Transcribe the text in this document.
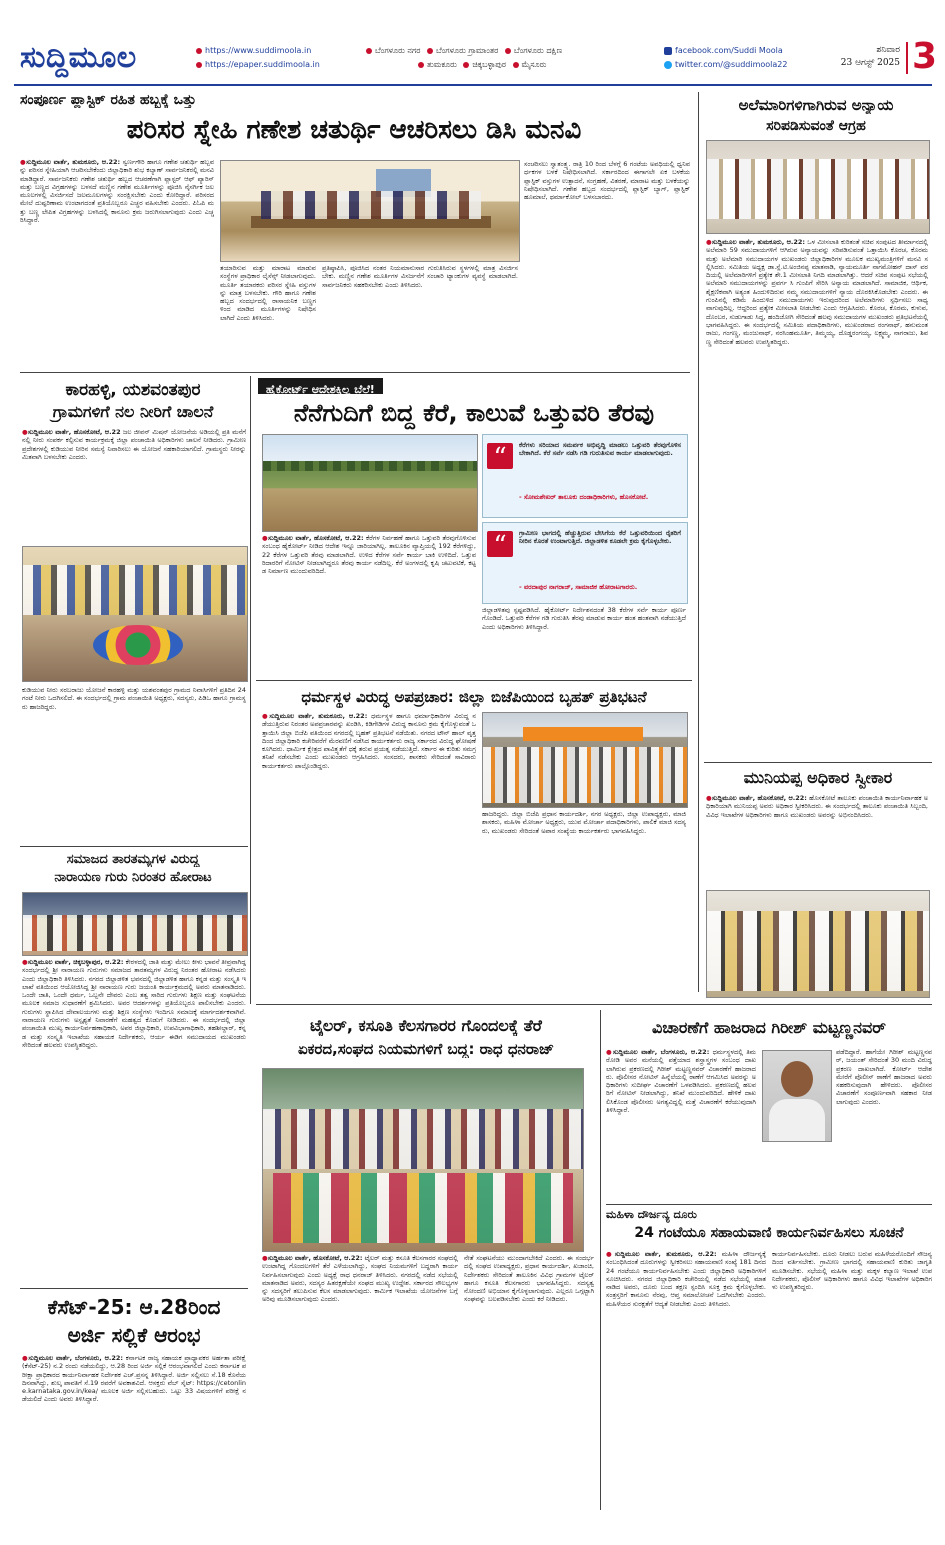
ಸುದ್ದಿಮೂಲ	https://www.suddimoola.in
https://epaper.suddimoola.in
ಬೆಂಗಳೂರು ನಗರ ಬೆಂಗಳೂರು ಗ್ರಾಮಾಂತರ ಬೆಂಗಳೂರು ದಕ್ಷಿಣ
ತುಮಕೂರು ಚಿಕ್ಕಬಳ್ಳಾಪುರ ಮೈಸೂರು
facebook.com/Suddi Moola
twitter.com/@suddimoola22
ಶನಿವಾರ
23 ಆಗಸ್ಟ್ 2025 3
ಸಂಪೂರ್ಣ ಪ್ಲಾಸ್ಟಿಕ್ ರಹಿತ ಹಬ್ಬಕ್ಕೆ ಒತ್ತು
ಪರಿಸರ ಸ್ನೇಹಿ ಗಣೇಶ ಚತುರ್ಥಿ ಆಚರಿಸಲು ಡಿಸಿ ಮನವಿ
●ಸುದ್ದಿಮೂಲ ವಾರ್ತೆ, ತುಮಕೂರು, ಆ.22: ಸ್ವರ್ಣಗೌರಿ ಹಾಗೂ ಗಣೇಶ ಚತುರ್ಥಿ ಹಬ್ಬವನ್ನು ಪರಿಸರ ಸ್ನೇಹಿಯಾಗಿ ಆಚರಿಸಬೇಕೆಂದು ಜಿಲ್ಲಾಧಿಕಾರಿ ಶುಭ ಕಲ್ಯಾಣ್ ಸಾರ್ವಜನಿಕರಲ್ಲಿ ಮನವಿ ಮಾಡಿದ್ದಾರೆ. ಸಾರ್ವಜನಿಕರು ಗಣೇಶ ಚತುರ್ಥಿ ಹಬ್ಬದ ಆಚರಣೆಗಾಗಿ ಪ್ಲಾಸ್ಟರ್ ಆಫ್ ಪ್ಯಾರಿಸ್ ಮತ್ತು ಬಣ್ಣದ ವಿಗ್ರಹಗಳನ್ನು ಬಳಸದೆ ಮಣ್ಣಿನ ಗಣೇಶ ಮೂರ್ತಿಗಳನ್ನು ಪೂಜಿಸಿ ನೈಸರ್ಗಿಕ ಜಲಮೂಲಗಳಲ್ಲಿ ವಿಸರ್ಜಿಸದೆ ಜಲಮೂಲಗಳನ್ನು ಸಂರಕ್ಷಿಸಬೇಕು ಎಂದು ಕೋರಿದ್ದಾರೆ. ಪರಿಸರದ ಮೇಲೆ ದುಷ್ಪರಿಣಾಮ ಉಂಟಾಗದಂತೆ ಪ್ರತಿಯೊಬ್ಬರೂ ಎಚ್ಚರ ವಹಿಸಬೇಕು ಎಂದರು. ಪಿಓಪಿ ಮತ್ತು ಬಣ್ಣ ಲೇಪಿತ ವಿಗ್ರಹಗಳನ್ನು ಬಳಸಿದಲ್ಲಿ ಕಾನೂನು ಕ್ರಮ ಜರುಗಿಸಲಾಗುವುದು ಎಂದು ಎಚ್ಚರಿಸಿದ್ದಾರೆ.
ತಯಾರಿಸುವ ಮತ್ತು ಮಾರಾಟ ಮಾಡುವ ಸಂಸ್ಥೆಗಳ ಪ್ರಾಧಿಕಾರ ಲೈಸೆನ್ಸ್ ನೀಡಲಾಗುವುದು. ಮೂರ್ತಿ ತಯಾರಕರು ಪರಿಸರ ಸ್ನೇಹಿ ವಸ್ತುಗಳನ್ನು ಮಾತ್ರ ಬಳಸಬೇಕು. ಗೌರಿ ಹಾಗೂ ಗಣೇಶ ಹಬ್ಬದ ಸಂದರ್ಭದಲ್ಲಿ ರಾಸಾಯನಿಕ ಬಣ್ಣಗಳಿಂದ ಮಾಡಿದ ಮೂರ್ತಿಗಳನ್ನು ನಿಷೇಧಿಸಲಾಗಿದೆ ಎಂದು ತಿಳಿಸಿದರು.
ಪ್ರತಿಷ್ಠಾಪಿಸಿ, ಪೂಜಿಸಿದ ನಂತರ ನಿಯಮಾನುಸಾರ ಗುರುತಿಸಿರುವ ಸ್ಥಳಗಳಲ್ಲಿ ಮಾತ್ರ ವಿಸರ್ಜಿಸಬೇಕು. ಮಣ್ಣಿನ ಗಣೇಶ ಮೂರ್ತಿಗಳ ವಿಸರ್ಜನೆಗೆ ಸಂಚಾರಿ ಟ್ಯಾಂಕುಗಳ ವ್ಯವಸ್ಥೆ ಮಾಡಲಾಗಿದೆ. ಸಾರ್ವಜನಿಕರು ಸಹಕರಿಸಬೇಕು ಎಂದು ತಿಳಿಸಿದರು.
ಸಂಚರಿಸಲು ಸ್ವಾತಂತ್ರ್ಯ. ರಾತ್ರಿ 10 ರಿಂದ ಬೆಳಗ್ಗೆ 6 ಗಂಟೆಯ ಅವಧಿಯಲ್ಲಿ ಧ್ವನಿವರ್ಧಕಗಳ ಬಳಕೆ ನಿಷೇಧಿಸಲಾಗಿದೆ. ಸರ್ಕಾರದಿಂದ ಈಗಾಗಲೇ ಏಕ ಬಳಕೆಯ ಪ್ಲಾಸ್ಟಿಕ್ ವಸ್ತುಗಳ ಉತ್ಪಾದನೆ, ಸಂಗ್ರಹಣೆ, ವಿತರಣೆ, ಮಾರಾಟ ಮತ್ತು ಬಳಕೆಯನ್ನು ನಿಷೇಧಿಸಲಾಗಿದೆ. ಗಣೇಶ ಹಬ್ಬದ ಸಂದರ್ಭದಲ್ಲಿ ಪ್ಲಾಸ್ಟಿಕ್ ಬ್ಯಾಗ್, ಪ್ಲಾಸ್ಟಿಕ್ ಹೂಮಾಲೆ, ಥರ್ಮಾಕೋಲ್ ಬಳಸಬಾರದು.
ಅಲೆಮಾರಿಗಳಿಗಾಗಿರುವ ಅನ್ಯಾಯ
ಸರಿಪಡಿಸುವಂತೆ ಆಗ್ರಹ
●ಸುದ್ದಿಮೂಲ ವಾರ್ತೆ, ತುಮಕೂರು, ಆ.22: ಒಳ ಮೀಸಲಾತಿ ಕುರಿತಂತೆ ಸಚಿವ ಸಂಪುಟದ ತೀರ್ಮಾನದಲ್ಲಿ ಅಲೆಮಾರಿ 59 ಸಮುದಾಯಗಳಿಗೆ ಆಗಿರುವ ಅನ್ಯಾಯವನ್ನು ಸರಿಪಡಿಸುವಂತೆ ಒತ್ತಾಯಿಸಿ ಕೊರಚ, ಕೊರಮ ಮತ್ತು ಅಲೆಮಾರಿ ಸಮುದಾಯಗಳ ಮುಖಂಡರು ಜಿಲ್ಲಾಧಿಕಾರಿಗಳ ಮೂಲಕ ಮುಖ್ಯಮಂತ್ರಿಗಳಿಗೆ ಮನವಿ ಸಲ್ಲಿಸಿದರು. ಸಮಿತಿಯ ಅಧ್ಯಕ್ಷ ಡಾ.ಸ್ಲೆ.ಟಿ.ಅಂಜಿನಪ್ಪ ಮಾತನಾಡಿ, ನ್ಯಾಯಮೂರ್ತಿ ನಾಗಮೋಹನ್ ದಾಸ್ ವರದಿಯಲ್ಲಿ ಅಲೆಮಾರಿಗಳಿಗೆ ಪ್ರತ್ಯೇಕ ಶೇ.1 ಮೀಸಲಾತಿ ನಿಗದಿ ಮಾಡಲಾಗಿತ್ತು. ಆದರೆ ಸಚಿವ ಸಂಪುಟ ಸಭೆಯಲ್ಲಿ ಅಲೆಮಾರಿ ಸಮುದಾಯಗಳನ್ನು ಪ್ರವರ್ಗ ಸಿ ಗುಂಪಿಗೆ ಸೇರಿಸಿ ಅನ್ಯಾಯ ಮಾಡಲಾಗಿದೆ. ಸಾಮಾಜಿಕ, ಆರ್ಥಿಕ, ಶೈಕ್ಷಣಿಕವಾಗಿ ಅತ್ಯಂತ ಹಿಂದುಳಿದಿರುವ ನಮ್ಮ ಸಮುದಾಯಗಳಿಗೆ ನ್ಯಾಯ ದೊರಕಿಸಿಕೊಡಬೇಕು ಎಂದರು. ಈ ಗುಂಪಿನಲ್ಲಿ ಕಡಿಮೆ ಹಿಂದುಳಿದ ಸಮುದಾಯಗಳು ಇರುವುದರಿಂದ ಅಲೆಮಾರಿಗಳು ಸ್ಪರ್ಧಿಸಲು ಸಾಧ್ಯವಾಗುವುದಿಲ್ಲ. ಆದ್ದರಿಂದ ಪ್ರತ್ಯೇಕ ಮೀಸಲಾತಿ ನೀಡಬೇಕು ಎಂದು ಆಗ್ರಹಿಸಿದರು. ಕೊರಚ, ಕೊರಮ, ಕುಳುವ, ದೊಂಬರ, ಸುಡುಗಾಡು ಸಿದ್ಧ, ಹಂದಿಜೋಗಿ ಸೇರಿದಂತೆ ಹಲವು ಸಮುದಾಯಗಳ ಮುಖಂಡರು ಪ್ರತಿಭಟನೆಯಲ್ಲಿ ಭಾಗವಹಿಸಿದ್ದರು. ಈ ಸಂದರ್ಭದಲ್ಲಿ ಸಮಿತಿಯ ಪದಾಧಿಕಾರಿಗಳು, ಮುಖಂಡರಾದ ರಂಗನಾಥ್, ಹನುಮಂತರಾಜು, ಗಂಗಣ್ಣ, ಮಂಜುನಾಥ್, ನರಸಿಂಹಮೂರ್ತಿ, ತಿಮ್ಮಯ್ಯ, ದೊಡ್ಡರಂಗಯ್ಯ, ಲಕ್ಷ್ಮಮ್ಮ, ನಾಗರಾಜು, ಶಿವಣ್ಣ ಸೇರಿದಂತೆ ಹಲವರು ಉಪಸ್ಥಿತರಿದ್ದರು.
ಕಾರಹಳ್ಳಿ, ಯಶವಂತಪುರ
ಗ್ರಾಮಗಳಿಗೆ ನಲ ನೀರಿಗೆ ಚಾಲನೆ
●ಸುದ್ದಿಮೂಲ ವಾರ್ತೆ, ಹೊಸಕೋಟೆ, ಆ.22 ಜಲ ಜೀವನ್ ಮಿಷನ್ ಯೋಜನೆಯ ಅಡಿಯಲ್ಲಿ ಪ್ರತಿ ಮನೆಗೆ ನಲ್ಲಿ ನೀರು ಸಂಪರ್ಕ ಕಲ್ಪಿಸುವ ಕಾರ್ಯಕ್ರಮಕ್ಕೆ ಜಿಲ್ಲಾ ಪಂಚಾಯಿತಿ ಅಧಿಕಾರಿಗಳು ಚಾಲನೆ ನೀಡಿದರು. ಗ್ರಾಮೀಣ ಪ್ರದೇಶಗಳಲ್ಲಿ ಕುಡಿಯುವ ನೀರಿನ ಸಮಸ್ಯೆ ನಿವಾರಿಸಲು ಈ ಯೋಜನೆ ಸಹಕಾರಿಯಾಗಲಿದೆ. ಗ್ರಾಮಸ್ಥರು ನೀರನ್ನು ಮಿತವಾಗಿ ಬಳಸಬೇಕು ಎಂದರು.
ಕುಡಿಯುವ ನೀರು ಸರಬರಾಜು ಯೋಜನೆ ಕಾರಹಳ್ಳಿ ಮತ್ತು ಯಶವಂತಪುರ ಗ್ರಾಮದ ನಿವಾಸಿಗಳಿಗೆ ಪ್ರತಿದಿನ 24 ಗಂಟೆ ನೀರು ಒದಗಿಸಲಿದೆ. ಈ ಸಂದರ್ಭದಲ್ಲಿ ಗ್ರಾಮ ಪಂಚಾಯಿತಿ ಅಧ್ಯಕ್ಷರು, ಸದಸ್ಯರು, ಪಿಡಿಒ ಹಾಗೂ ಗ್ರಾಮಸ್ಥರು ಹಾಜರಿದ್ದರು.
ಸಮಾಜದ ತಾರತಮ್ಯಗಳ ವಿರುದ್ಧ
ನಾರಾಯಣ ಗುರು ನಿರಂತರ ಹೋರಾಟ
●ಸುದ್ದಿಮೂಲ ವಾರ್ತೆ, ಚಿಕ್ಕಬಳ್ಳಾಪುರ, ಆ.22: ಕೇರಳದಲ್ಲಿ ಜಾತಿ ಮತ್ತು ಮೇಲು ಕೀಳು ಭಾವನೆ ತೀವ್ರವಾಗಿದ್ದ ಸಂದರ್ಭದಲ್ಲಿ ಶ್ರೀ ನಾರಾಯಣ ಗುರುಗಳು ಸಮಾಜದ ತಾರತಮ್ಯಗಳ ವಿರುದ್ಧ ನಿರಂತರ ಹೋರಾಟ ನಡೆಸಿದರು ಎಂದು ಜಿಲ್ಲಾಧಿಕಾರಿ ತಿಳಿಸಿದರು. ನಗರದ ಜಿಲ್ಲಾಡಳಿತ ಭವನದಲ್ಲಿ ಜಿಲ್ಲಾಡಳಿತ ಹಾಗೂ ಕನ್ನಡ ಮತ್ತು ಸಂಸ್ಕೃತಿ ಇಲಾಖೆ ವತಿಯಿಂದ ಆಯೋಜಿಸಿದ್ದ ಶ್ರೀ ನಾರಾಯಣ ಗುರು ಜಯಂತಿ ಕಾರ್ಯಕ್ರಮದಲ್ಲಿ ಅವರು ಮಾತನಾಡಿದರು. ಒಂದೇ ಜಾತಿ, ಒಂದೇ ಧರ್ಮ, ಒಬ್ಬನೇ ದೇವರು ಎಂಬ ತತ್ವ ಸಾರಿದ ಗುರುಗಳು ಶಿಕ್ಷಣ ಮತ್ತು ಸಂಘಟನೆಯ ಮೂಲಕ ಸಮಾಜ ಸುಧಾರಣೆಗೆ ಶ್ರಮಿಸಿದರು. ಅವರ ಆದರ್ಶಗಳನ್ನು ಪ್ರತಿಯೊಬ್ಬರೂ ಪಾಲಿಸಬೇಕು ಎಂದರು. ಗುರುಗಳು ಸ್ಥಾಪಿಸಿದ ದೇವಾಲಯಗಳು ಮತ್ತು ಶಿಕ್ಷಣ ಸಂಸ್ಥೆಗಳು ಇಂದಿಗೂ ಸಮಾಜಕ್ಕೆ ಮಾರ್ಗದರ್ಶಕವಾಗಿವೆ. ನಾರಾಯಣ ಗುರುಗಳು ಅಸ್ಪೃಶ್ಯತೆ ನಿವಾರಣೆಗೆ ಮಹತ್ವದ ಕೊಡುಗೆ ನೀಡಿದರು. ಈ ಸಂದರ್ಭದಲ್ಲಿ ಜಿಲ್ಲಾ ಪಂಚಾಯಿತಿ ಮುಖ್ಯ ಕಾರ್ಯನಿರ್ವಹಣಾಧಿಕಾರಿ, ಅಪರ ಜಿಲ್ಲಾಧಿಕಾರಿ, ಉಪವಿಭಾಗಾಧಿಕಾರಿ, ತಹಶೀಲ್ದಾರ್, ಕನ್ನಡ ಮತ್ತು ಸಂಸ್ಕೃತಿ ಇಲಾಖೆಯ ಸಹಾಯಕ ನಿರ್ದೇಶಕರು, ಆರ್ಯ ಈಡಿಗ ಸಮುದಾಯದ ಮುಖಂಡರು ಸೇರಿದಂತೆ ಹಲವರು ಉಪಸ್ಥಿತರಿದ್ದರು.
ಹೈಕೋರ್ಟ್ ಆದೇಶಕ್ಕಿಲ್ಲ ಬೆಲೆ!
ನೆನೆಗುದಿಗೆ ಬಿದ್ದ ಕೆರೆ, ಕಾಲುವೆ ಒತ್ತುವರಿ ತೆರವು
“	ಕೆರೆಗಳು ಸರಿಯಾದ ಸಮರ್ಪಕ ಅಭಿವೃದ್ಧಿ ಮಾಡಲು ಒತ್ತುವರಿ ತೆರವುಗೊಳಿಸಬೇಕಾಗಿದೆ. ಕೆರೆ ಸರ್ವೆ ನಡೆಸಿ ಗಡಿ ಗುರುತಿಸುವ ಕಾರ್ಯ ಮಾಡಲಾಗುವುದು.
- ಸೋಮಶೇಖರ್ ತಾಲೂಕು ದಂಡಾಧಿಕಾರಿಗಳು, ಹೊಸಕೋಟೆ.
“	ಗ್ರಾಮೀಣ ಭಾಗದಲ್ಲಿ ಹೆಚ್ಚುತ್ತಿರುವ ಬೇಸಿಗೆಯ ಕೆರೆ ಒತ್ತುವರಿಯಿಂದ ರೈತರಿಗೆ ನೀರಿನ ಕೊರತೆ ಉಂಟಾಗುತ್ತಿದೆ. ಜಿಲ್ಲಾಡಳಿತ ಕೂಡಲೇ ಕ್ರಮ ಕೈಗೊಳ್ಳಬೇಕು.
- ವರದಾಪುರ ನಾಗರಾಜ್, ಸಾಮಾಜಿಕ ಹೋರಾಟಗಾರರು.
●ಸುದ್ದಿಮೂಲ ವಾರ್ತೆ, ಹೊಸಕೋಟೆ, ಆ.22: ಕೆರೆಗಳ ನಿರ್ವಹಣೆ ಹಾಗೂ ಒತ್ತುವರಿ ತೆರವುಗೊಳಿಸುವ ಸಂಬಂಧ ಹೈಕೋರ್ಟ್ ನೀಡಿದ ಆದೇಶ ಇನ್ನೂ ಜಾರಿಯಾಗಿಲ್ಲ. ತಾಲೂಕಿನ ವ್ಯಾಪ್ತಿಯಲ್ಲಿ 192 ಕೆರೆಗಳಿದ್ದು, 22 ಕೆರೆಗಳ ಒತ್ತುವರಿ ತೆರವು ಮಾಡಲಾಗಿದೆ. ಉಳಿದ ಕೆರೆಗಳ ಸರ್ವೆ ಕಾರ್ಯ ಬಾಕಿ ಉಳಿದಿದೆ. ಒತ್ತುವರಿದಾರರಿಗೆ ನೋಟಿಸ್ ನೀಡಲಾಗಿದ್ದರೂ ತೆರವು ಕಾರ್ಯ ನಡೆದಿಲ್ಲ. ಕೆರೆ ಅಂಗಳದಲ್ಲಿ ಕೃಷಿ ಚಟುವಟಿಕೆ, ಕಟ್ಟಡ ನಿರ್ಮಾಣ ಮುಂದುವರಿದಿದೆ.
ಜಿಲ್ಲಾಡಳಿತವು ಸ್ಪಷ್ಟಪಡಿಸಿದೆ. ಹೈಕೋರ್ಟ್ ನಿರ್ದೇಶನದಂತೆ 38 ಕೆರೆಗಳ ಸರ್ವೆ ಕಾರ್ಯ ಪೂರ್ಣಗೊಂಡಿದೆ. ಒತ್ತುವರಿ ಕೆರೆಗಳ ಗಡಿ ಗುರುತಿಸಿ ತೆರವು ಮಾಡುವ ಕಾರ್ಯ ಹಂತ ಹಂತವಾಗಿ ನಡೆಯುತ್ತಿದೆ ಎಂದು ಅಧಿಕಾರಿಗಳು ತಿಳಿಸಿದ್ದಾರೆ.
ಧರ್ಮಸ್ಥಳ ವಿರುದ್ಧ ಅಪಪ್ರಚಾರ: ಜಿಲ್ಲಾ ಬಿಜೆಪಿಯಿಂದ ಬೃಹತ್ ಪ್ರತಿಭಟನೆ
●ಸುದ್ದಿಮೂಲ ವಾರ್ತೆ, ತುಮಕೂರು, ಆ.22: ಧರ್ಮಸ್ಥಳ ಹಾಗೂ ಧರ್ಮಾಧಿಕಾರಿಗಳ ವಿರುದ್ಧ ನಡೆಯುತ್ತಿರುವ ನಿರಂತರ ಅಪಪ್ರಚಾರವನ್ನು ಖಂಡಿಸಿ, ಕಿಡಿಗೇಡಿಗಳ ವಿರುದ್ಧ ಕಾನೂನು ಕ್ರಮ ಕೈಗೊಳ್ಳುವಂತೆ ಒತ್ತಾಯಿಸಿ ಜಿಲ್ಲಾ ಬಿಜೆಪಿ ವತಿಯಿಂದ ನಗರದಲ್ಲಿ ಬೃಹತ್ ಪ್ರತಿಭಟನೆ ನಡೆಯಿತು. ನಗರದ ಟೌನ್ ಹಾಲ್ ವೃತ್ತದಿಂದ ಜಿಲ್ಲಾಧಿಕಾರಿ ಕಚೇರಿವರೆಗೆ ಮೆರವಣಿಗೆ ನಡೆಸಿದ ಕಾರ್ಯಕರ್ತರು ರಾಜ್ಯ ಸರ್ಕಾರದ ವಿರುದ್ಧ ಘೋಷಣೆ ಕೂಗಿದರು. ಧಾರ್ಮಿಕ ಕ್ಷೇತ್ರದ ಪಾವಿತ್ರ್ಯತೆಗೆ ಧಕ್ಕೆ ತರುವ ಪ್ರಯತ್ನ ನಡೆಯುತ್ತಿದೆ. ಸರ್ಕಾರ ಈ ಕುರಿತು ಸಮಗ್ರ ತನಿಖೆ ನಡೆಸಬೇಕು ಎಂದು ಮುಖಂಡರು ಆಗ್ರಹಿಸಿದರು. ಸಂಸದರು, ಶಾಸಕರು ಸೇರಿದಂತೆ ಸಾವಿರಾರು ಕಾರ್ಯಕರ್ತರು ಪಾಲ್ಗೊಂಡಿದ್ದರು.
ಹಾಜರಿದ್ದರು. ಜಿಲ್ಲಾ ಬಿಜೆಪಿ ಪ್ರಧಾನ ಕಾರ್ಯದರ್ಶಿ, ನಗರ ಅಧ್ಯಕ್ಷರು, ಜಿಲ್ಲಾ ಉಪಾಧ್ಯಕ್ಷರು, ಮಾಜಿ ಶಾಸಕರು, ಮಹಿಳಾ ಮೋರ್ಚಾ ಅಧ್ಯಕ್ಷರು, ಯುವ ಮೋರ್ಚಾ ಪದಾಧಿಕಾರಿಗಳು, ಪಾಲಿಕೆ ಮಾಜಿ ಸದಸ್ಯರು, ಮುಖಂಡರು ಸೇರಿದಂತೆ ಅಪಾರ ಸಂಖ್ಯೆಯ ಕಾರ್ಯಕರ್ತರು ಭಾಗವಹಿಸಿದ್ದರು.
ಮುನಿಯಪ್ಪ ಅಧಿಕಾರ ಸ್ವೀಕಾರ
●ಸುದ್ದಿಮೂಲ ವಾರ್ತೆ, ಹೊಸಕೋಟೆ, ಆ.22: ಹೊಸಕೋಟೆ ತಾಲೂಕು ಪಂಚಾಯಿತಿ ಕಾರ್ಯನಿರ್ವಾಹಕ ಅಧಿಕಾರಿಯಾಗಿ ಮುನಿಯಪ್ಪ ಅವರು ಅಧಿಕಾರ ಸ್ವೀಕರಿಸಿದರು. ಈ ಸಂದರ್ಭದಲ್ಲಿ ತಾಲೂಕು ಪಂಚಾಯಿತಿ ಸಿಬ್ಬಂದಿ, ವಿವಿಧ ಇಲಾಖೆಗಳ ಅಧಿಕಾರಿಗಳು ಹಾಗೂ ಮುಖಂಡರು ಅವರನ್ನು ಅಭಿನಂದಿಸಿದರು.
ಟೈಲರ್, ಕಸೂತಿ ಕೆಲಸಗಾರರ ಗೊಂದಲಕ್ಕೆ ತೆರೆ
ಏಕರದ,ಸಂಘದ ನಿಯಮಗಳಿಗೆ ಬದ್ಧ: ರಾಧ ಧನರಾಜ್
●ಸುದ್ದಿಮೂಲ ವಾರ್ತೆ, ಹೊಸಕೋಟೆ, ಆ.22: ಟೈಲರ್ ಮತ್ತು ಕಸೂತಿ ಕೆಲಸಗಾರರ ಸಂಘದಲ್ಲಿ ಉಂಟಾಗಿದ್ದ ಗೊಂದಲಗಳಿಗೆ ತೆರೆ ಎಳೆಯಲಾಗಿದ್ದು, ಸಂಘದ ನಿಯಮಗಳಿಗೆ ಬದ್ಧರಾಗಿ ಕಾರ್ಯನಿರ್ವಹಿಸಲಾಗುವುದು ಎಂದು ಅಧ್ಯಕ್ಷೆ ರಾಧ ಧನರಾಜ್ ತಿಳಿಸಿದರು. ನಗರದಲ್ಲಿ ನಡೆದ ಸಭೆಯಲ್ಲಿ ಮಾತನಾಡಿದ ಅವರು, ಸದಸ್ಯರ ಹಿತರಕ್ಷಣೆಯೇ ಸಂಘದ ಮುಖ್ಯ ಉದ್ದೇಶ. ಸರ್ಕಾರದ ಸೌಲಭ್ಯಗಳನ್ನು ಸದಸ್ಯರಿಗೆ ತಲುಪಿಸುವ ಕೆಲಸ ಮಾಡಲಾಗುವುದು. ಕಾರ್ಮಿಕ ಇಲಾಖೆಯ ಯೋಜನೆಗಳ ಬಗ್ಗೆ ಅರಿವು ಮೂಡಿಸಲಾಗುವುದು ಎಂದರು.
ನೇತೆ ಸಂಘಟನೆಯು ಮುಂದಾಗಬೇಕಿದೆ ಎಂದರು. ಈ ಸಂದರ್ಭದಲ್ಲಿ ಸಂಘದ ಉಪಾಧ್ಯಕ್ಷರು, ಪ್ರಧಾನ ಕಾರ್ಯದರ್ಶಿ, ಖಜಾಂಚಿ, ನಿರ್ದೇಶಕರು ಸೇರಿದಂತೆ ತಾಲೂಕಿನ ವಿವಿಧ ಗ್ರಾಮಗಳ ಟೈಲರ್ ಹಾಗೂ ಕಸೂತಿ ಕೆಲಸಗಾರರು ಭಾಗವಹಿಸಿದ್ದರು. ಸದಸ್ಯತ್ವ ನೋಂದಣಿ ಅಭಿಯಾನ ಕೈಗೊಳ್ಳಲಾಗುವುದು. ಎಲ್ಲರೂ ಒಗ್ಗಟ್ಟಾಗಿ ಸಂಘವನ್ನು ಬಲಪಡಿಸಬೇಕು ಎಂದು ಕರೆ ನೀಡಿದರು.
ವಿಚಾರಣೆಗೆ ಹಾಜರಾದ ಗಿರೀಶ್ ಮಟ್ಟಣ್ಣನವರ್
●ಸುದ್ದಿಮೂಲ ವಾರ್ತೆ, ಬೆಂಗಳೂರು, ಆ.22: ಧರ್ಮಸ್ಥಳದಲ್ಲಿ ತಿಮರೋಡಿ ಅವರ ಮನೆಯಲ್ಲಿ ಪತ್ತೆಯಾದ ಶಸ್ತ್ರಾಸ್ತ್ರಗಳ ಸಂಬಂಧ ದಾಖಲಾಗಿರುವ ಪ್ರಕರಣದಲ್ಲಿ ಗಿರೀಶ್ ಮಟ್ಟಣ್ಣನವರ್ ವಿಚಾರಣೆಗೆ ಹಾಜರಾದರು. ಪೊಲೀಸರ ನೋಟಿಸ್ ಹಿನ್ನೆಲೆಯಲ್ಲಿ ಠಾಣೆಗೆ ಆಗಮಿಸಿದ ಅವರನ್ನು ಅಧಿಕಾರಿಗಳು ಸುದೀರ್ಘ ವಿಚಾರಣೆಗೆ ಒಳಪಡಿಸಿದರು. ಪ್ರಕರಣದಲ್ಲಿ ಹಲವರಿಗೆ ನೋಟಿಸ್ ನೀಡಲಾಗಿದ್ದು, ತನಿಖೆ ಮುಂದುವರಿದಿದೆ. ಹೇಳಿಕೆ ದಾಖಲಿಸಿಕೊಂಡ ಪೊಲೀಸರು ಅಗತ್ಯವಿದ್ದಲ್ಲಿ ಮತ್ತೆ ವಿಚಾರಣೆಗೆ ಕರೆಯುವುದಾಗಿ ತಿಳಿಸಿದ್ದಾರೆ.
ಪಡೆದಿದ್ದಾರೆ. ಹಾಗೆಯೇ ಗಿರೀಶ್ ಮಟ್ಟಣ್ಣನವರ್, ಜಯಂತ್ ಸೇರಿದಂತೆ 30 ಮಂದಿ ವಿರುದ್ಧ ಪ್ರಕರಣ ದಾಖಲಾಗಿದೆ. ಕೋರ್ಟ್ ಆದೇಶ ಮೇರೆಗೆ ಪೊಲೀಸ್ ಠಾಣೆಗೆ ಹಾಜರಾದ ಅವರು ಸಹಕರಿಸುವುದಾಗಿ ಹೇಳಿದರು. ಪೊಲೀಸರ ವಿಚಾರಣೆಗೆ ಸಂಪೂರ್ಣವಾಗಿ ಸಹಕಾರ ನೀಡಲಾಗುವುದು ಎಂದರು.
ಮಹಿಳಾ ದೌರ್ಜನ್ಯ ದೂರು
24 ಗಂಟೆಯೂ ಸಹಾಯವಾಣಿ ಕಾರ್ಯನಿರ್ವಹಿಸಲು ಸೂಚನೆ
●ಸುದ್ದಿಮೂಲ ವಾರ್ತೆ, ತುಮಕೂರು, ಆ.22: ಮಹಿಳಾ ದೌರ್ಜನ್ಯಕ್ಕೆ ಸಂಬಂಧಿಸಿದಂತೆ ದೂರುಗಳನ್ನು ಸ್ವೀಕರಿಸಲು ಸಹಾಯವಾಣಿ ಸಂಖ್ಯೆ 181 ದಿನದ 24 ಗಂಟೆಯೂ ಕಾರ್ಯನಿರ್ವಹಿಸಬೇಕು ಎಂದು ಜಿಲ್ಲಾಧಿಕಾರಿ ಅಧಿಕಾರಿಗಳಿಗೆ ಸೂಚಿಸಿದರು. ನಗರದ ಜಿಲ್ಲಾಧಿಕಾರಿ ಕಚೇರಿಯಲ್ಲಿ ನಡೆದ ಸಭೆಯಲ್ಲಿ ಮಾತನಾಡಿದ ಅವರು, ದೂರು ಬಂದ ತಕ್ಷಣ ಸ್ಪಂದಿಸಿ ಸೂಕ್ತ ಕ್ರಮ ಕೈಗೊಳ್ಳಬೇಕು. ಸಂತ್ರಸ್ತರಿಗೆ ಕಾನೂನು ನೆರವು, ಆಪ್ತ ಸಮಾಲೋಚನೆ ಒದಗಿಸಬೇಕು ಎಂದರು. ಮಹಿಳೆಯರ ಸುರಕ್ಷತೆಗೆ ಆದ್ಯತೆ ನೀಡಬೇಕು ಎಂದು ತಿಳಿಸಿದರು.
ಕಾರ್ಯನಿರ್ವಹಿಸಬೇಕು. ದೂರು ನೀಡಲು ಬರುವ ಮಹಿಳೆಯರೊಂದಿಗೆ ಸೌಜನ್ಯದಿಂದ ವರ್ತಿಸಬೇಕು. ಗ್ರಾಮೀಣ ಭಾಗದಲ್ಲಿ ಸಹಾಯವಾಣಿ ಕುರಿತು ಜಾಗೃತಿ ಮೂಡಿಸಬೇಕು. ಸಭೆಯಲ್ಲಿ ಮಹಿಳಾ ಮತ್ತು ಮಕ್ಕಳ ಕಲ್ಯಾಣ ಇಲಾಖೆ ಉಪನಿರ್ದೇಶಕರು, ಪೊಲೀಸ್ ಅಧಿಕಾರಿಗಳು ಹಾಗೂ ವಿವಿಧ ಇಲಾಖೆಗಳ ಅಧಿಕಾರಿಗಳು ಉಪಸ್ಥಿತರಿದ್ದರು.
ಕೆಸೆಟ್-25: ಆ.28ರಿಂದ
ಅರ್ಜಿ ಸಲ್ಲಿಕೆ ಆರಂಭ
●ಸುದ್ದಿಮೂಲ ವಾರ್ತೆ, ಬೆಂಗಳೂರು, ಆ.22: ಕರ್ನಾಟಕ ರಾಜ್ಯ ಸಹಾಯಕ ಪ್ರಾಧ್ಯಾಪಕರ ಅರ್ಹತಾ ಪರೀಕ್ಷೆ (ಕೆಸೆಟ್-25) ನ.2 ರಂದು ನಡೆಯಲಿದ್ದು, ಆ.28 ರಿಂದ ಅರ್ಜಿ ಸಲ್ಲಿಕೆ ಆರಂಭವಾಗಲಿದೆ ಎಂದು ಕರ್ನಾಟಕ ಪರೀಕ್ಷಾ ಪ್ರಾಧಿಕಾರದ ಕಾರ್ಯನಿರ್ವಾಹಕ ನಿರ್ದೇಶಕ ಎಚ್.ಪ್ರಸನ್ನ ತಿಳಿಸಿದ್ದಾರೆ. ಅರ್ಜಿ ಸಲ್ಲಿಸಲು ಸೆ.18 ಕೊನೆಯ ದಿನವಾಗಿದ್ದು, ಶುಲ್ಕ ಪಾವತಿಗೆ ಸೆ.19 ರವರೆಗೆ ಅವಕಾಶವಿದೆ. ಆಸಕ್ತರು ವೆಬ್ ಸೈಟ್: https://cetonline.karnataka.gov.in/kea/ ಮೂಲಕ ಅರ್ಜಿ ಸಲ್ಲಿಸಬಹುದು. ಒಟ್ಟು 33 ವಿಷಯಗಳಿಗೆ ಪರೀಕ್ಷೆ ನಡೆಯಲಿದೆ ಎಂದು ಅವರು ತಿಳಿಸಿದ್ದಾರೆ.
